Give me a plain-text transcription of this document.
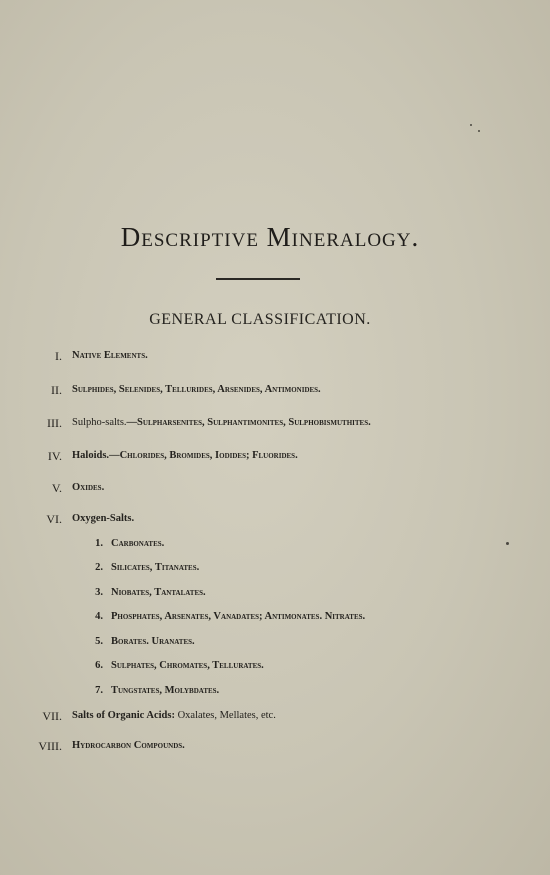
Descriptive Mineralogy.
GENERAL CLASSIFICATION.
I. Native Elements.
II. Sulphides, Selenides, Tellurides, Arsenides, Antimonides.
III. Sulpho-salts.—Sulpharsenites, Sulphantimonites, Sulphobismuthites.
IV. Haloids.—Chlorides, Bromides, Iodides; Fluorides.
V. Oxides.
VI. Oxygen-Salts.
1. Carbonates.
2. Silicates, Titanates.
3. Niobates, Tantalates.
4. Phosphates, Arsenates, Vanadates; Antimonates. Nitrates.
5. Borates. Uranates.
6. Sulphates, Chromates, Tellurates.
7. Tungstates, Molybdates.
VII. Salts of Organic Acids: Oxalates, Mellates, etc.
VIII. Hydrocarbon Compounds.
